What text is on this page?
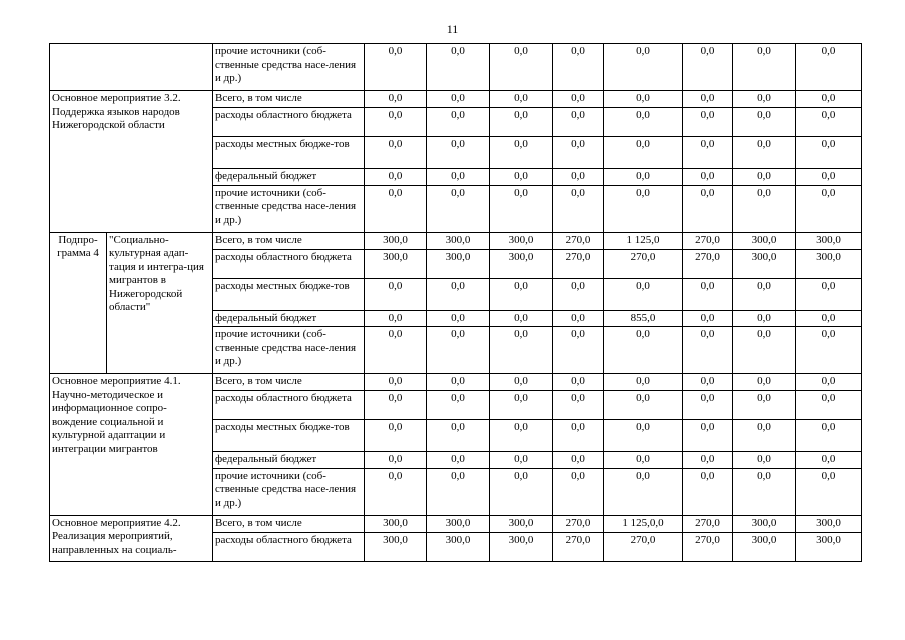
11
		прочие источники (соб-ственные средства насе-ления и др.)	0,0	0,0	0,0	0,0	0,0	0,0	0,0	0,0
Основное мероприятие 3.2. Поддержка языков народов Нижегородской области		Всего, в том числе	0,0	0,0	0,0	0,0	0,0	0,0	0,0	0,0
		расходы областного бюджета	0,0	0,0	0,0	0,0	0,0	0,0	0,0	0,0
		расходы местных бюдже-тов	0,0	0,0	0,0	0,0	0,0	0,0	0,0	0,0
		федеральный бюджет	0,0	0,0	0,0	0,0	0,0	0,0	0,0	0,0
		прочие источники (соб-ственные средства насе-ления и др.)	0,0	0,0	0,0	0,0	0,0	0,0	0,0	0,0
Подпро-грамма 4	"Социально-культурная адап-тация и интегра-ция мигрантов в Нижегородской области"	Всего, в том числе	300,0	300,0	300,0	270,0	1 125,0	270,0	300,0	300,0
		расходы областного бюджета	300,0	300,0	300,0	270,0	270,0	270,0	300,0	300,0
		расходы местных бюдже-тов	0,0	0,0	0,0	0,0	0,0	0,0	0,0	0,0
		федеральный бюджет	0,0	0,0	0,0	0,0	855,0	0,0	0,0	0,0
		прочие источники (соб-ственные средства насе-ления и др.)	0,0	0,0	0,0	0,0	0,0	0,0	0,0	0,0
Основное мероприятие 4.1. Научно-методическое и информационное сопро-вождение социальной и культурной адаптации и интеграции мигрантов		Всего, в том числе	0,0	0,0	0,0	0,0	0,0	0,0	0,0	0,0
		расходы областного бюджета	0,0	0,0	0,0	0,0	0,0	0,0	0,0	0,0
		расходы местных бюдже-тов	0,0	0,0	0,0	0,0	0,0	0,0	0,0	0,0
		федеральный бюджет	0,0	0,0	0,0	0,0	0,0	0,0	0,0	0,0
		прочие источники (соб-ственные средства насе-ления и др.)	0,0	0,0	0,0	0,0	0,0	0,0	0,0	0,0
Основное мероприятие 4.2. Реализация мероприятий, направленных на социаль-		Всего, в том числе	300,0	300,0	300,0	270,0	1 125,0,0	270,0	300,0	300,0
		расходы областного бюджета	300,0	300,0	300,0	270,0	270,0	270,0	300,0	300,0
